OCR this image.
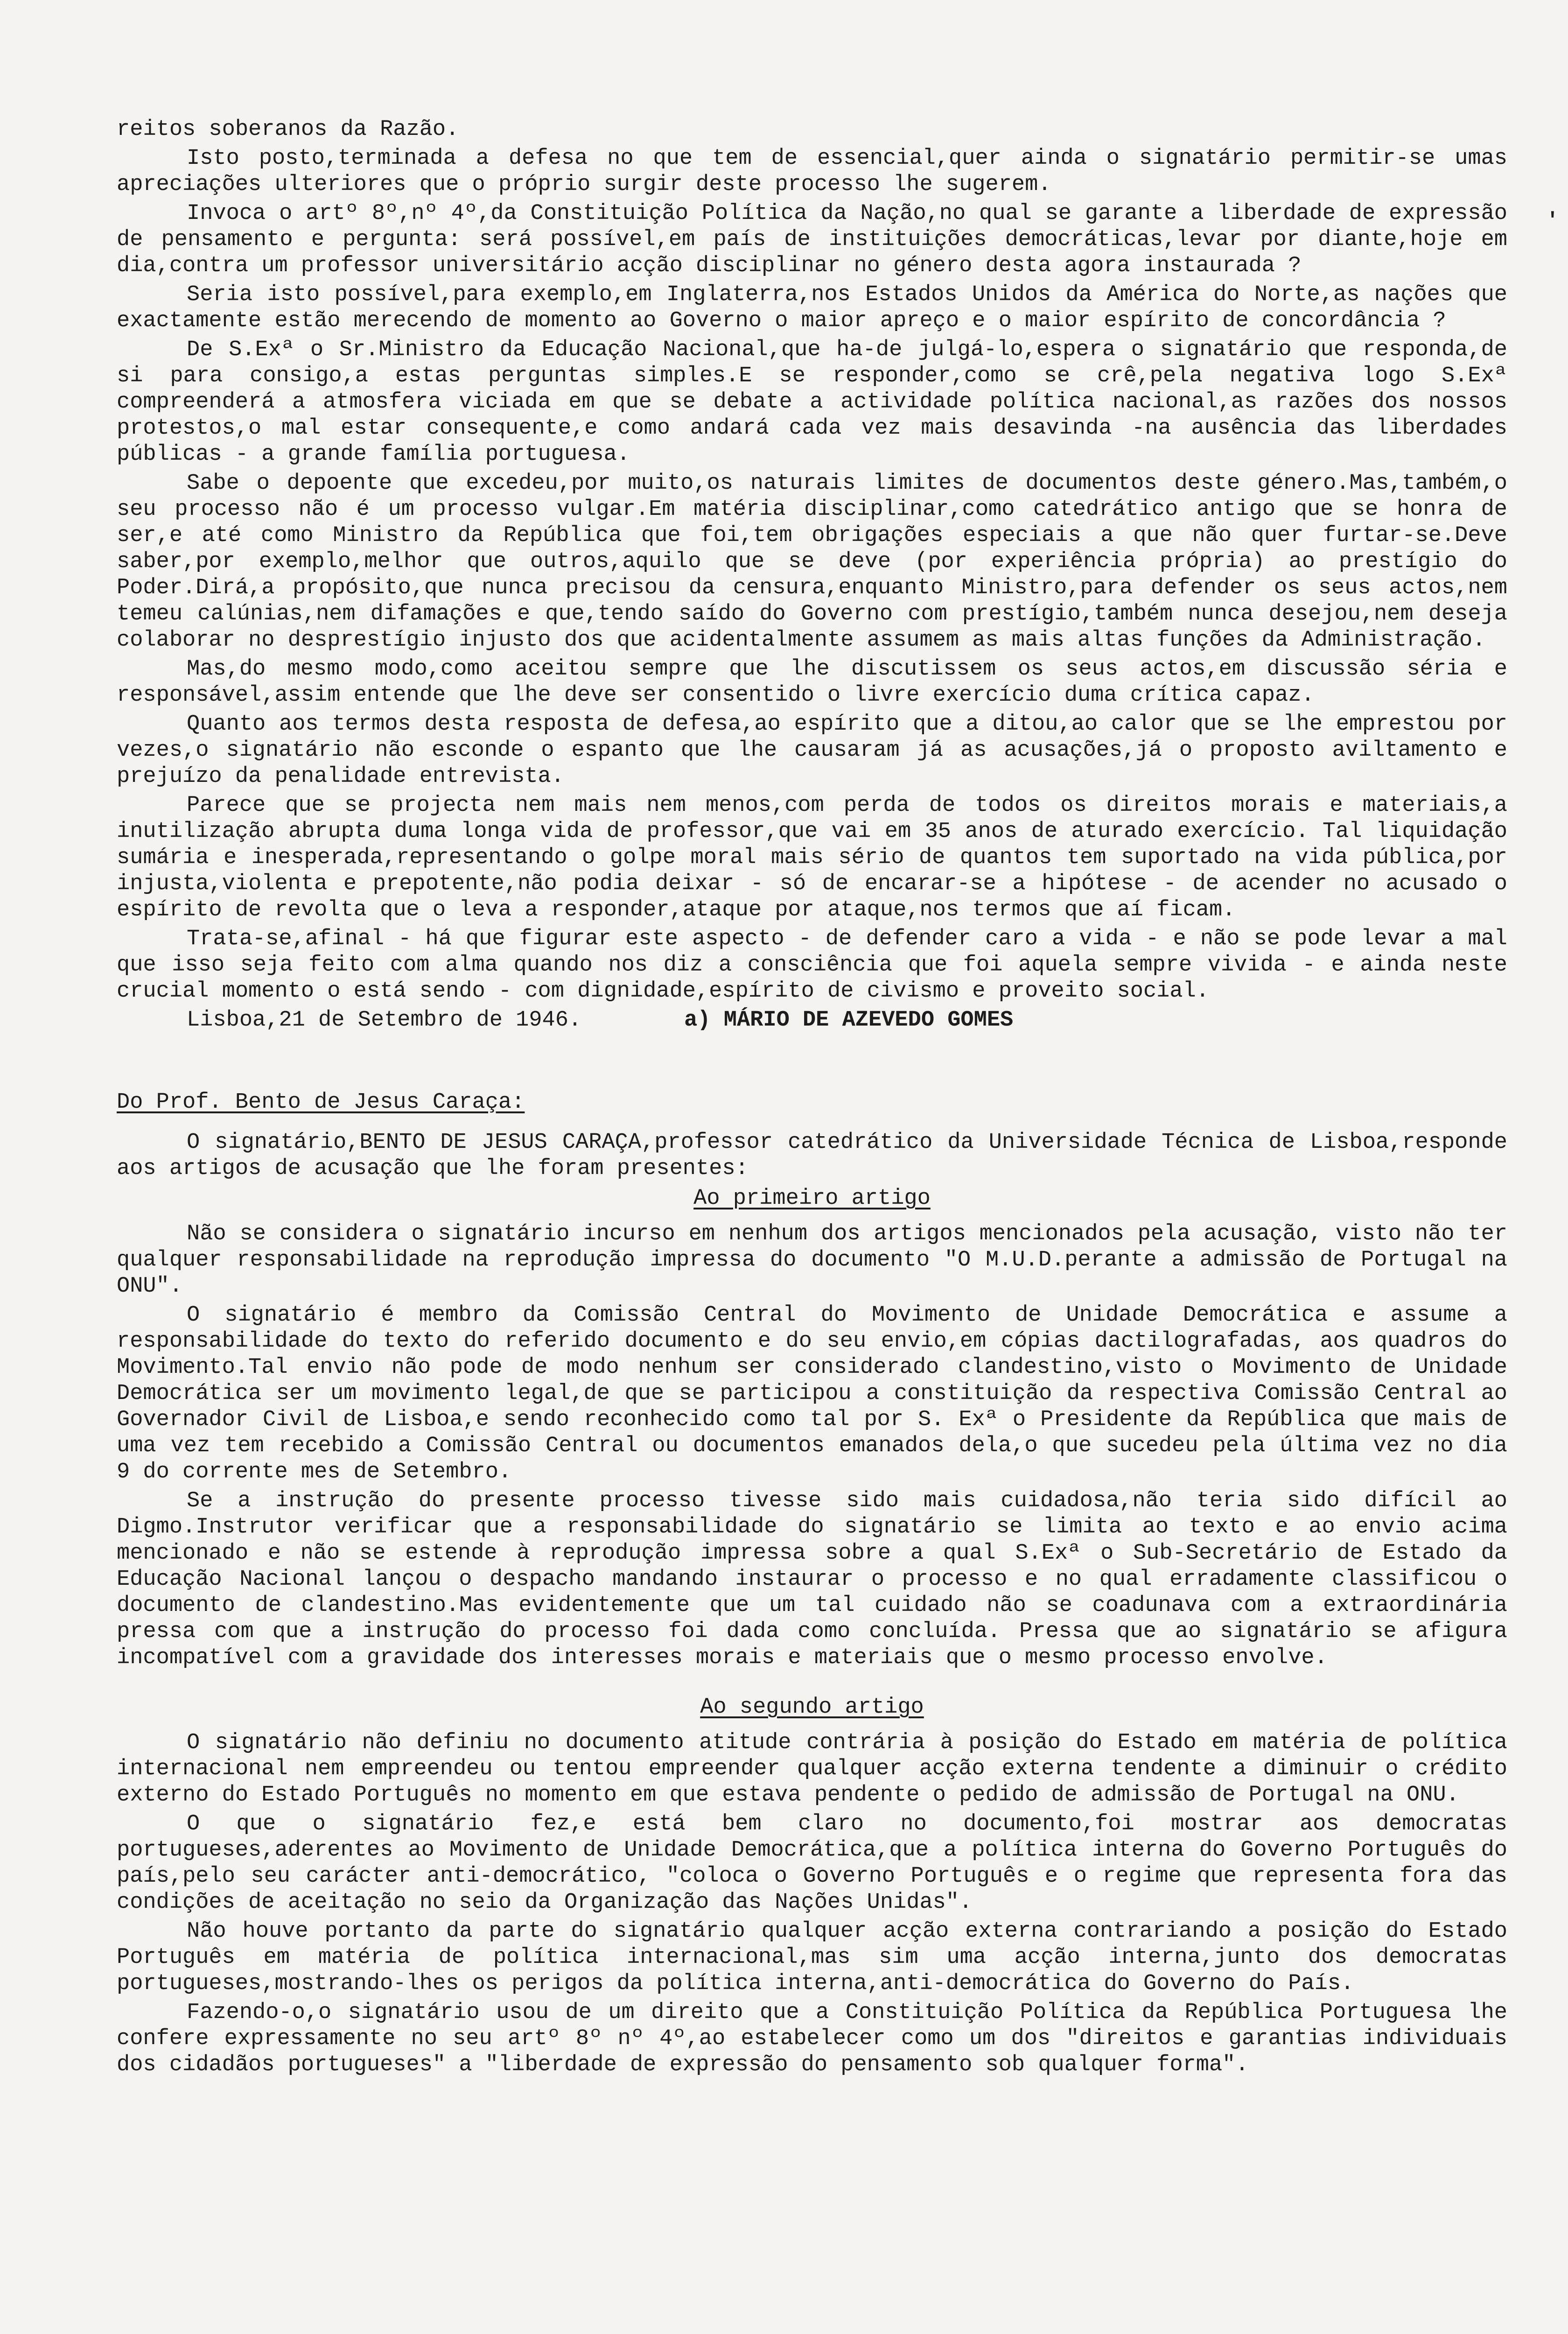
reitos soberanos da Razão.

Isto posto,terminada a defesa no que tem de essencial,quer ainda o signatário permitir-se umas apreciações ulteriores que o próprio surgir deste processo lhe sugerem.

Invoca o artº 8º,nº 4º,da Constituição Política da Nação,no qual se garante a liberdade de expressão de pensamento e pergunta: será possível,em país de instituições democráticas,levar por diante,hoje em dia,contra um professor universitário acção disciplinar no género desta agora instaurada ?

Seria isto possível,para exemplo,em Inglaterra,nos Estados Unidos da América do Norte,as nações que exactamente estão merecendo de momento ao Governo o maior apreço e o maior espírito de concordância ?

De S.Exª o Sr.Ministro da Educação Nacional,que ha-de julgá-lo,espera o signatário que responda,de si para consigo,a estas perguntas simples.E se responder,como se crê,pela negativa logo S.Exª compreenderá a atmosfera viciada em que se debate a actividade política nacional,as razões dos nossos protestos,o mal estar consequente,e como andará cada vez mais desavinda -na ausência das liberdades públicas - a grande família portuguesa.

Sabe o depoente que excedeu,por muito,os naturais limites de documentos deste género.Mas,também,o seu processo não é um processo vulgar.Em matéria disciplinar,como catedrático antigo que se honra de ser,e até como Ministro da República que foi,tem obrigações especiais a que não quer furtar-se.Deve saber,por exemplo,melhor que outros,aquilo que se deve (por experiência própria) ao prestígio do Poder.Dirá,a propósito,que nunca precisou da censura,enquanto Ministro,para defender os seus actos,nem temeu calúnias,nem difamações e que,tendo saído do Governo com prestígio,também nunca desejou,nem deseja colaborar no desprestígio injusto dos que acidentalmente assumem as mais altas funções da Administração.

Mas,do mesmo modo,como aceitou sempre que lhe discutissem os seus actos,em discussão séria e responsável,assim entende que lhe deve ser consentido o livre exercício duma crítica capaz.

Quanto aos termos desta resposta de defesa,ao espírito que a ditou,ao calor que se lhe emprestou por vezes,o signatário não esconde o espanto que lhe causaram já as acusações,já o proposto aviltamento e prejuízo da penalidade entrevista.

Parece que se projecta nem mais nem menos,com perda de todos os direitos morais e materiais,a inutilização abrupta duma longa vida de professor,que vai em 35 anos de aturado exercício. Tal liquidação sumária e inesperada,representando o golpe moral mais sério de quantos tem suportado na vida pública,por injusta,violenta e prepotente,não podia deixar - só de encarar-se a hipótese - de acender no acusado o espírito de revolta que o leva a responder,ataque por ataque,nos termos que aí ficam.

Trata-se,afinal - há que figurar este aspecto - de defender caro a vida - e não se pode levar a mal que isso seja feito com alma quando nos diz a consciência que foi aquela sempre vivida - e ainda neste crucial momento o está sendo - com dignidade,espírito de civismo e proveito social.

Lisboa,21 de Setembro de 1946.	a) MÁRIO DE AZEVEDO GOMES
Do Prof. Bento de Jesus Caraça:

O signatário,BENTO DE JESUS CARAÇA,professor catedrático da Universidade Técnica de Lisboa,responde aos artigos de acusação que lhe foram presentes:

Ao primeiro artigo

Não se considera o signatário incurso em nenhum dos artigos mencionados pela acusação, visto não ter qualquer responsabilidade na reprodução impressa do documento "O M.U.D.perante a admissão de Portugal na ONU".

O signatário é membro da Comissão Central do Movimento de Unidade Democrática e assume a responsabilidade do texto do referido documento e do seu envio,em cópias dactilografadas, aos quadros do Movimento.Tal envio não pode de modo nenhum ser considerado clandestino,visto o Movimento de Unidade Democrática ser um movimento legal,de que se participou a constituição da respectiva Comissão Central ao Governador Civil de Lisboa,e sendo reconhecido como tal por S. Exª o Presidente da República que mais de uma vez tem recebido a Comissão Central ou documentos emanados dela,o que sucedeu pela última vez no dia 9 do corrente mes de Setembro.

Se a instrução do presente processo tivesse sido mais cuidadosa,não teria sido difícil ao Digmo.Instrutor verificar que a responsabilidade do signatário se limita ao texto e ao envio acima mencionado e não se estende à reprodução impressa sobre a qual S.Exª o Sub-Secretário de Estado da Educação Nacional lançou o despacho mandando instaurar o processo e no qual erradamente classificou o documento de clandestino.Mas evidentemente que um tal cuidado não se coadunava com a extraordinária pressa com que a instrução do processo foi dada como concluída. Pressa que ao signatário se afigura incompatível com a gravidade dos interesses morais e materiais que o mesmo processo envolve.

Ao segundo artigo

O signatário não definiu no documento atitude contrária à posição do Estado em matéria de política internacional nem empreendeu ou tentou empreender qualquer acção externa tendente a diminuir o crédito externo do Estado Português no momento em que estava pendente o pedido de admissão de Portugal na ONU.

O que o signatário fez,e está bem claro no documento,foi mostrar aos democratas portugueses,aderentes ao Movimento de Unidade Democrática,que a política interna do Governo Português do país,pelo seu carácter anti-democrático, "coloca o Governo Português e o regime que representa fora das condições de aceitação no seio da Organização das Nações Unidas".

Não houve portanto da parte do signatário qualquer acção externa contrariando a posição do Estado Português em matéria de política internacional,mas sim uma acção interna,junto dos democratas portugueses,mostrando-lhes os perigos da política interna,anti-democrática do Governo do País.

Fazendo-o,o signatário usou de um direito que a Constituição Política da República Portuguesa lhe confere expressamente no seu artº 8º nº 4º,ao estabelecer como um dos "direitos e garantias individuais dos cidadãos portugueses" a "liberdade de expressão do pensamento sob qualquer forma".

'
